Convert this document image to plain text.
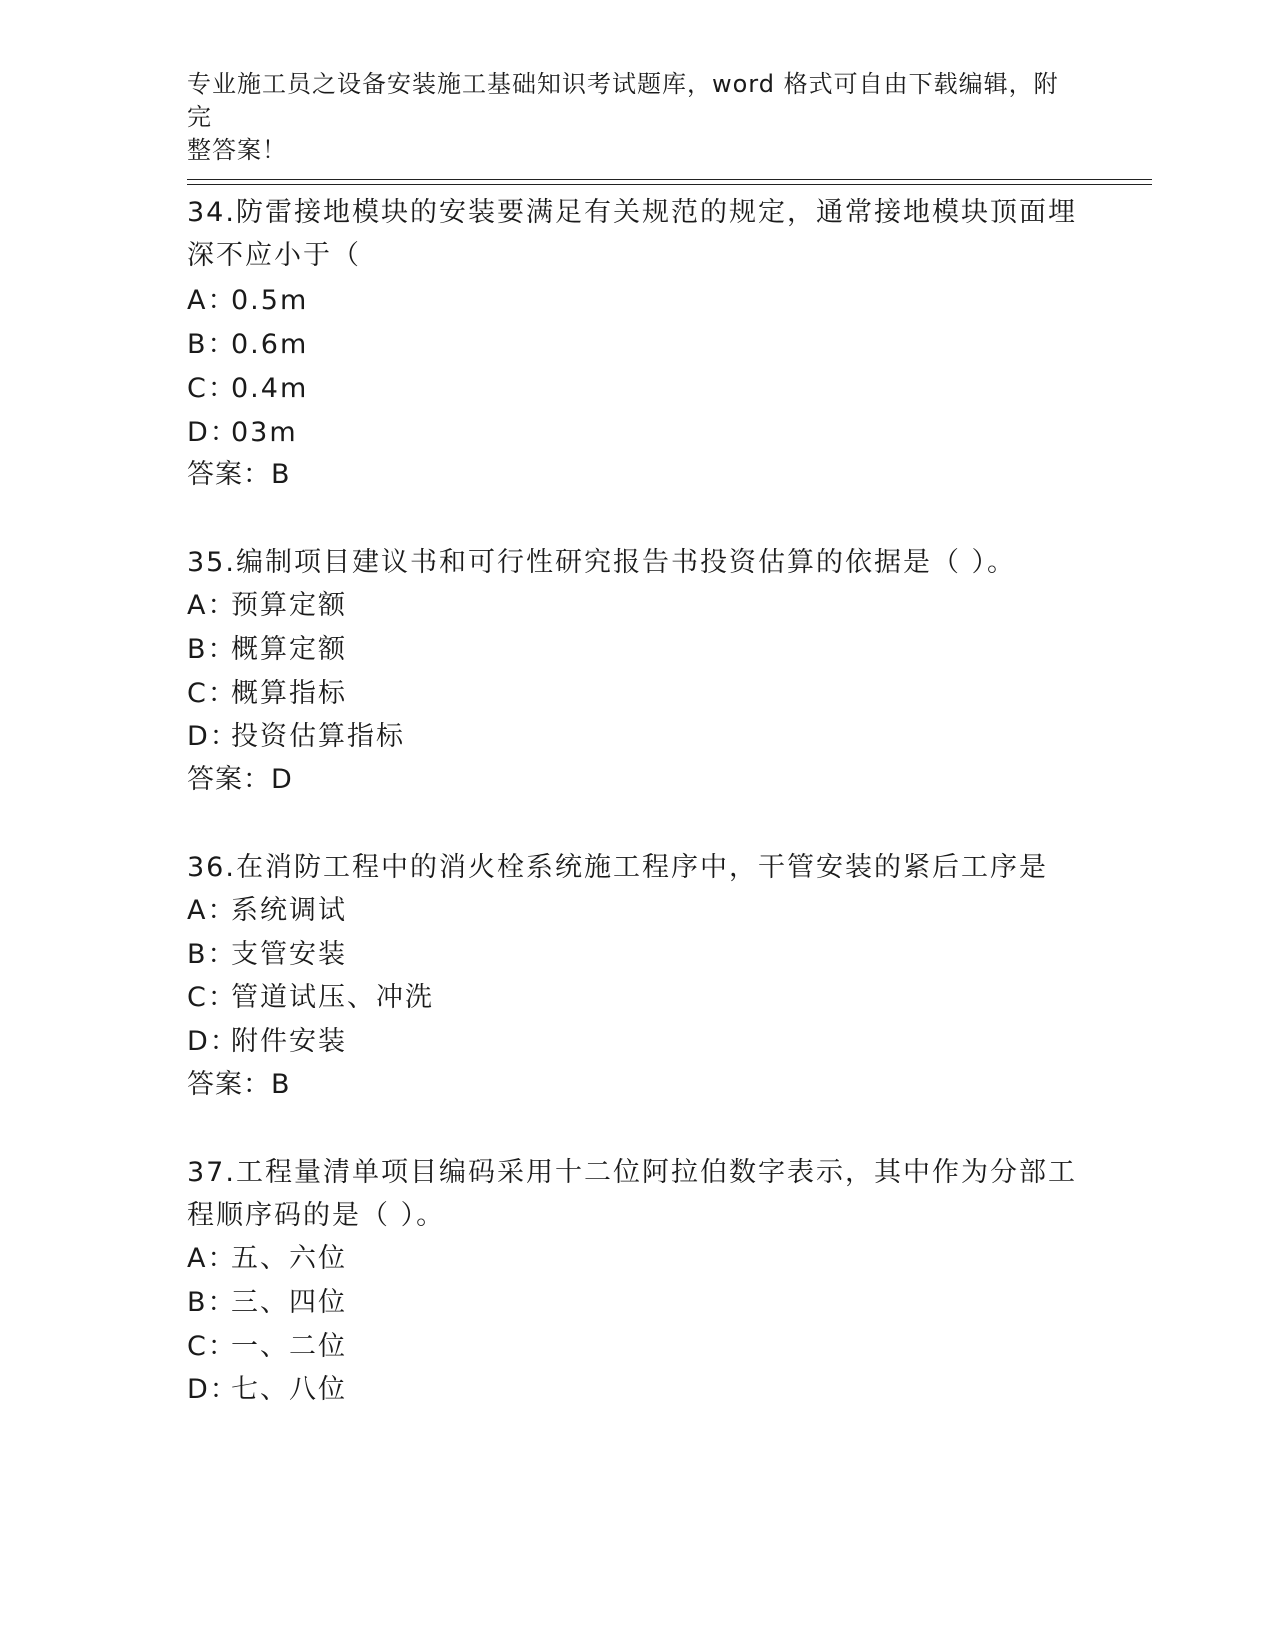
专业施工员之设备安装施工基础知识考试题库，word 格式可自由下载编辑，附完
整答案！
34.防雷接地模块的安装要满足有关规范的规定，通常接地模块顶面埋
深不应小于（
A：0.5m
B：0.6m
C：0.4m
D：03m
答案：B
35.编制项目建议书和可行性研究报告书投资估算的依据是（ ）。
A：预算定额
B：概算定额
C：概算指标
D：投资估算指标
答案：D
36.在消防工程中的消火栓系统施工程序中，干管安装的紧后工序是
A：系统调试
B：支管安装
C：管道试压、冲洗
D：附件安装
答案：B
37.工程量清单项目编码采用十二位阿拉伯数字表示，其中作为分部工
程顺序码的是（ ）。
A：五、六位
B：三、四位
C：一、二位
D：七、八位
